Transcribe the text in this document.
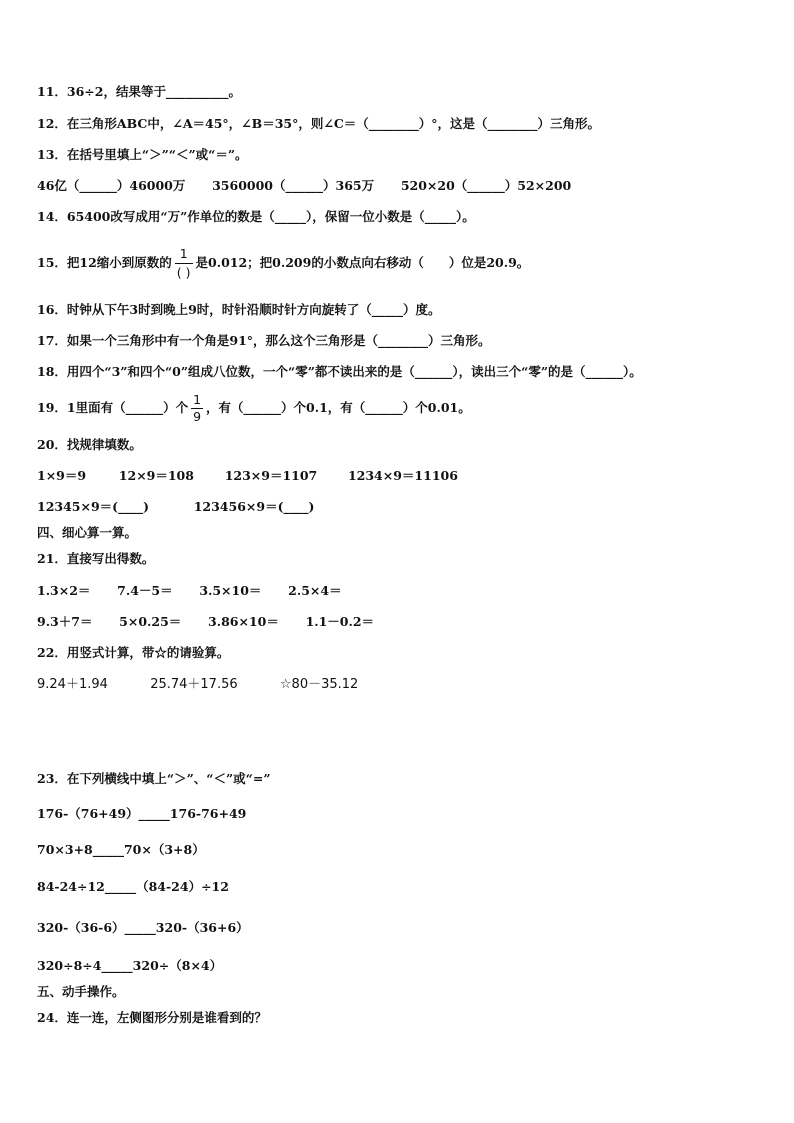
11．36÷2，结果等于__________。
12．在三角形ABC中，∠A＝45°，∠B＝35°，则∠C＝（________）°，这是（________）三角形。
13．在括号里填上“＞”“＜”或“＝”。
46亿（______）46000万 3560000（______）365万 520×20（______）52×200
14．65400改写成用“万”作单位的数是（_____），保留一位小数是（_____）。
15．把12缩小到原数的 $\frac{1}{( )}$ 是0.012；把0.209的小数点向右移动（　　）位是20.9。
16．时钟从下午3时到晚上9时，时针沿顺时针方向旋转了（_____）度。
17．如果一个三角形中有一个角是91°，那么这个三角形是（________）三角形。
18．用四个“3”和四个“0”组成八位数，一个“零”都不读出来的是（______），读出三个“零”的是（______）。
19．1里面有（______）个 $\frac{1}{9}$ ，有（______）个0.1，有（______）个0.01。
20．找规律填数。
1×9＝9	12×9＝108 123×9＝1107 1234×9＝11106
12345×9＝(____)	123456×9＝(____)
四、细心算一算。
21．直接写出得数。
1.3×2＝ 7.4－5＝ 3.5×10＝ 2.5×4＝
9.3＋7＝ 5×0.25＝ 3.86×10＝ 1.1－0.2＝
22．用竖式计算，带☆的请验算。
9.24＋1.94	25.74＋17.56	☆80－35.12
23．在下列横线中填上“＞”、“＜”或“=”
176-（76+49）_____176-76+49
70×3+8_____70×（3+8）
84-24÷12_____（84-24）÷12
320-（36-6）_____320-（36+6）
320÷8÷4_____320÷（8×4）
五、动手操作。
24．连一连，左侧图形分别是谁看到的？
